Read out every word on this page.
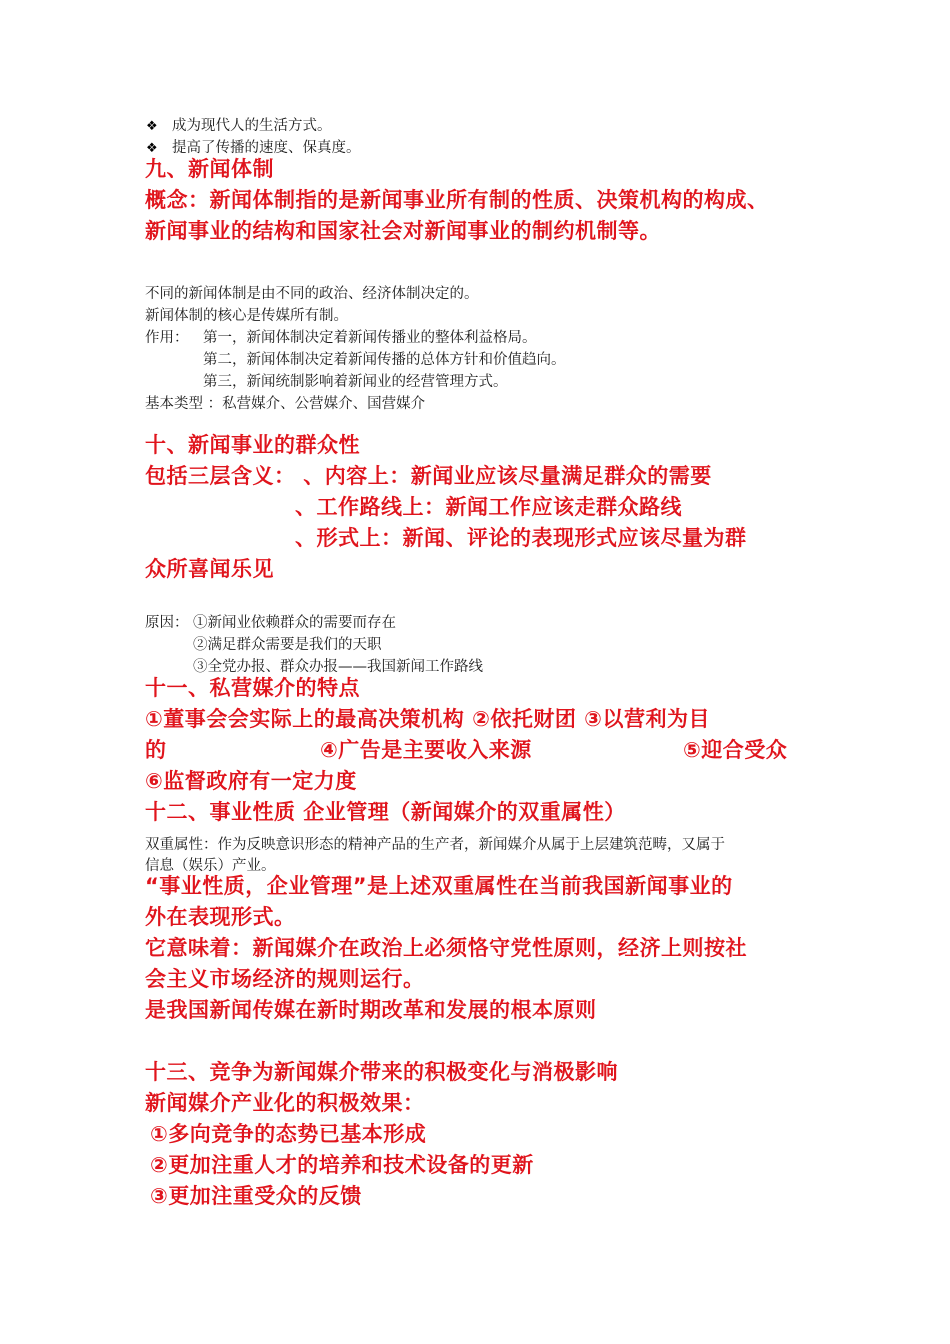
❖ 成为现代人的生活方式。

❖ 提高了传播的速度、保真度。

九、新闻体制

概念：新闻体制指的是新闻事业所有制的性质、决策机构的构成、

新闻事业的结构和国家社会对新闻事业的制约机制等。

不同的新闻体制是由不同的政治、经济体制决定的。

新闻体制的核心是传媒所有制。

作用： 第一，新闻体制决定着新闻传播业的整体利益格局。

第二，新闻体制决定着新闻传播的总体方针和价值趋向。

第三，新闻统制影响着新闻业的经营管理方式。

基本类型 ：私营媒介、公营媒介、国营媒介

十、新闻事业的群众性

包括三层含义： 、内容上：新闻业应该尽量满足群众的需要

、工作路线上：新闻工作应该走群众路线

、形式上：新闻、评论的表现形式应该尽量为群

众所喜闻乐见

原因： ①新闻业依赖群众的需要而存在

②满足群众需要是我们的天职

③全党办报、群众办报——我国新闻工作路线

十一、私营媒介的特点

①董事会会实际上的最高决策机构 ②依托财团 ③以营利为目

的	④广告是主要收入来源	⑤迎合受众

⑥监督政府有一定力度

十二、事业性质 企业管理（新闻媒介的双重属性）

双重属性：作为反映意识形态的精神产品的生产者，新闻媒介从属于上层建筑范畴，又属于

信息（娱乐）产业。

“事业性质，企业管理”是上述双重属性在当前我国新闻事业的

外在表现形式。

它意味着：新闻媒介在政治上必须恪守党性原则，经济上则按社

会主义市场经济的规则运行。

是我国新闻传媒在新时期改革和发展的根本原则

十三、竞争为新闻媒介带来的积极变化与消极影响

新闻媒介产业化的积极效果：

①多向竞争的态势已基本形成

②更加注重人才的培养和技术设备的更新

③更加注重受众的反馈
